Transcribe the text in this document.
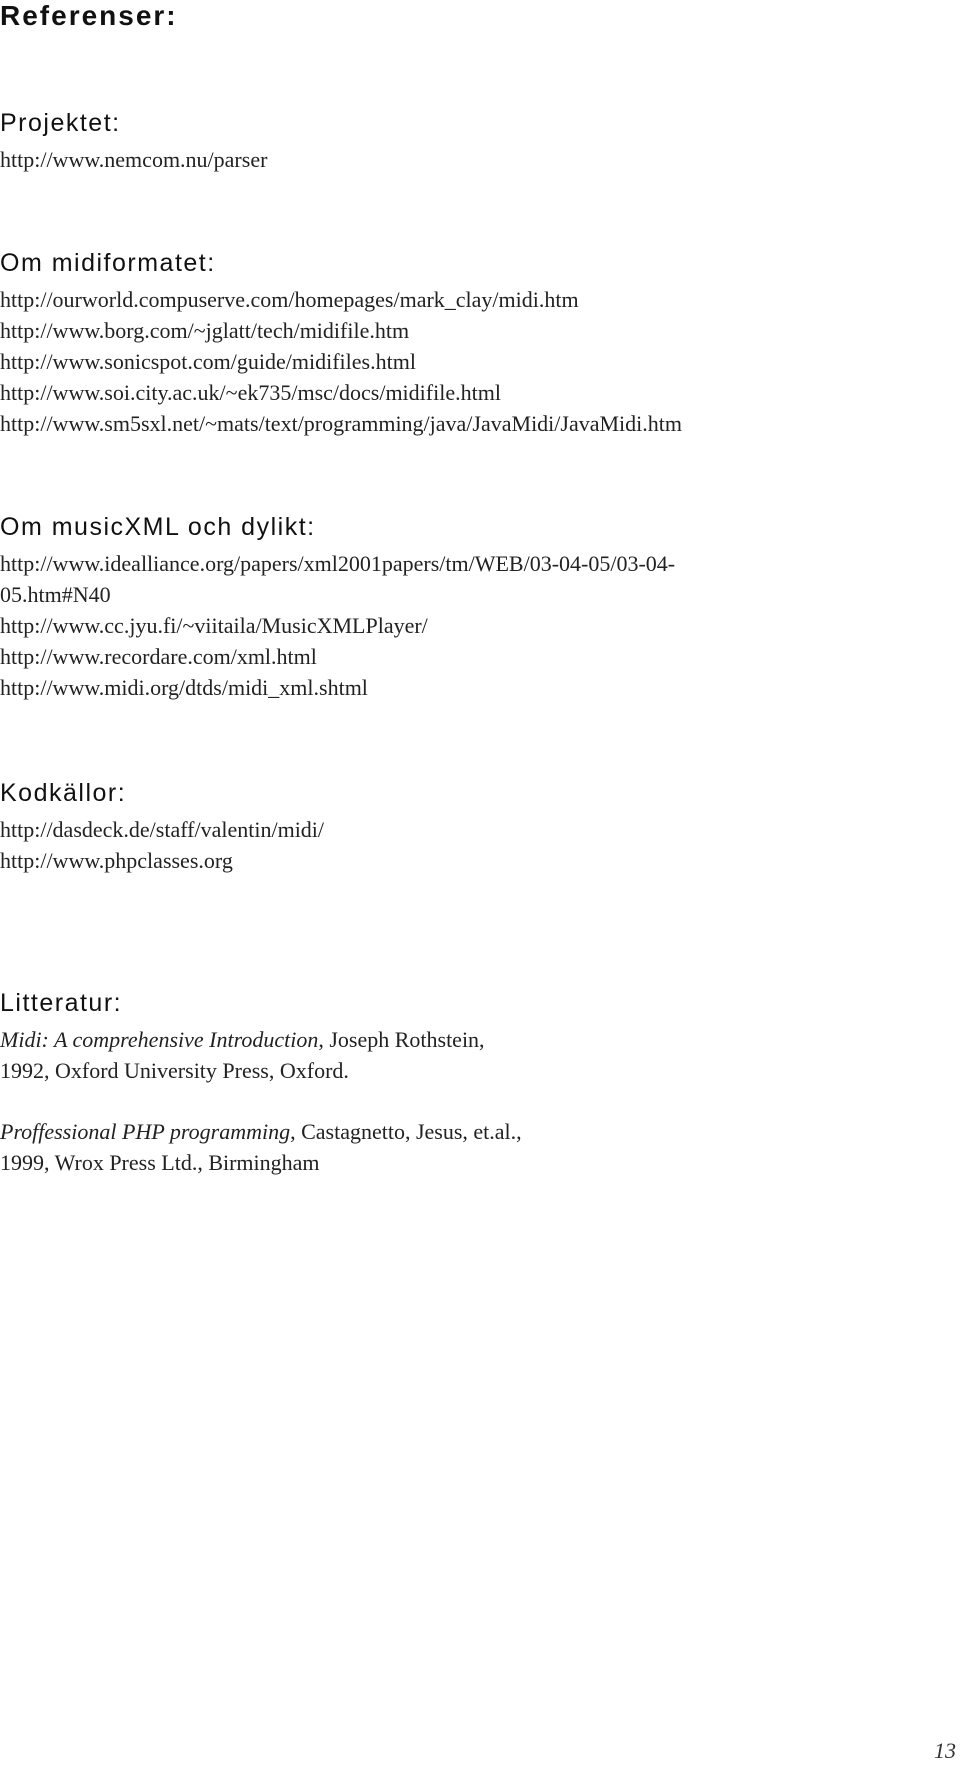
Referenser:
Projektet:
http://www.nemcom.nu/parser
Om midiformatet:
http://ourworld.compuserve.com/homepages/mark_clay/midi.htm
http://www.borg.com/~jglatt/tech/midifile.htm
http://www.sonicspot.com/guide/midifiles.html
http://www.soi.city.ac.uk/~ek735/msc/docs/midifile.html
http://www.sm5sxl.net/~mats/text/programming/java/JavaMidi/JavaMidi.htm
Om musicXML och dylikt:
http://www.idealliance.org/papers/xml2001papers/tm/WEB/03-04-05/03-04-
05.htm#N40
http://www.cc.jyu.fi/~viitaila/MusicXMLPlayer/
http://www.recordare.com/xml.html
http://www.midi.org/dtds/midi_xml.shtml
Kodkällor:
http://dasdeck.de/staff/valentin/midi/
http://www.phpclasses.org
Litteratur:
Midi: A comprehensive Introduction, Joseph Rothstein,
1992, Oxford University Press, Oxford.
Proffessional PHP programming, Castagnetto, Jesus, et.al.,
1999, Wrox Press Ltd., Birmingham
13
